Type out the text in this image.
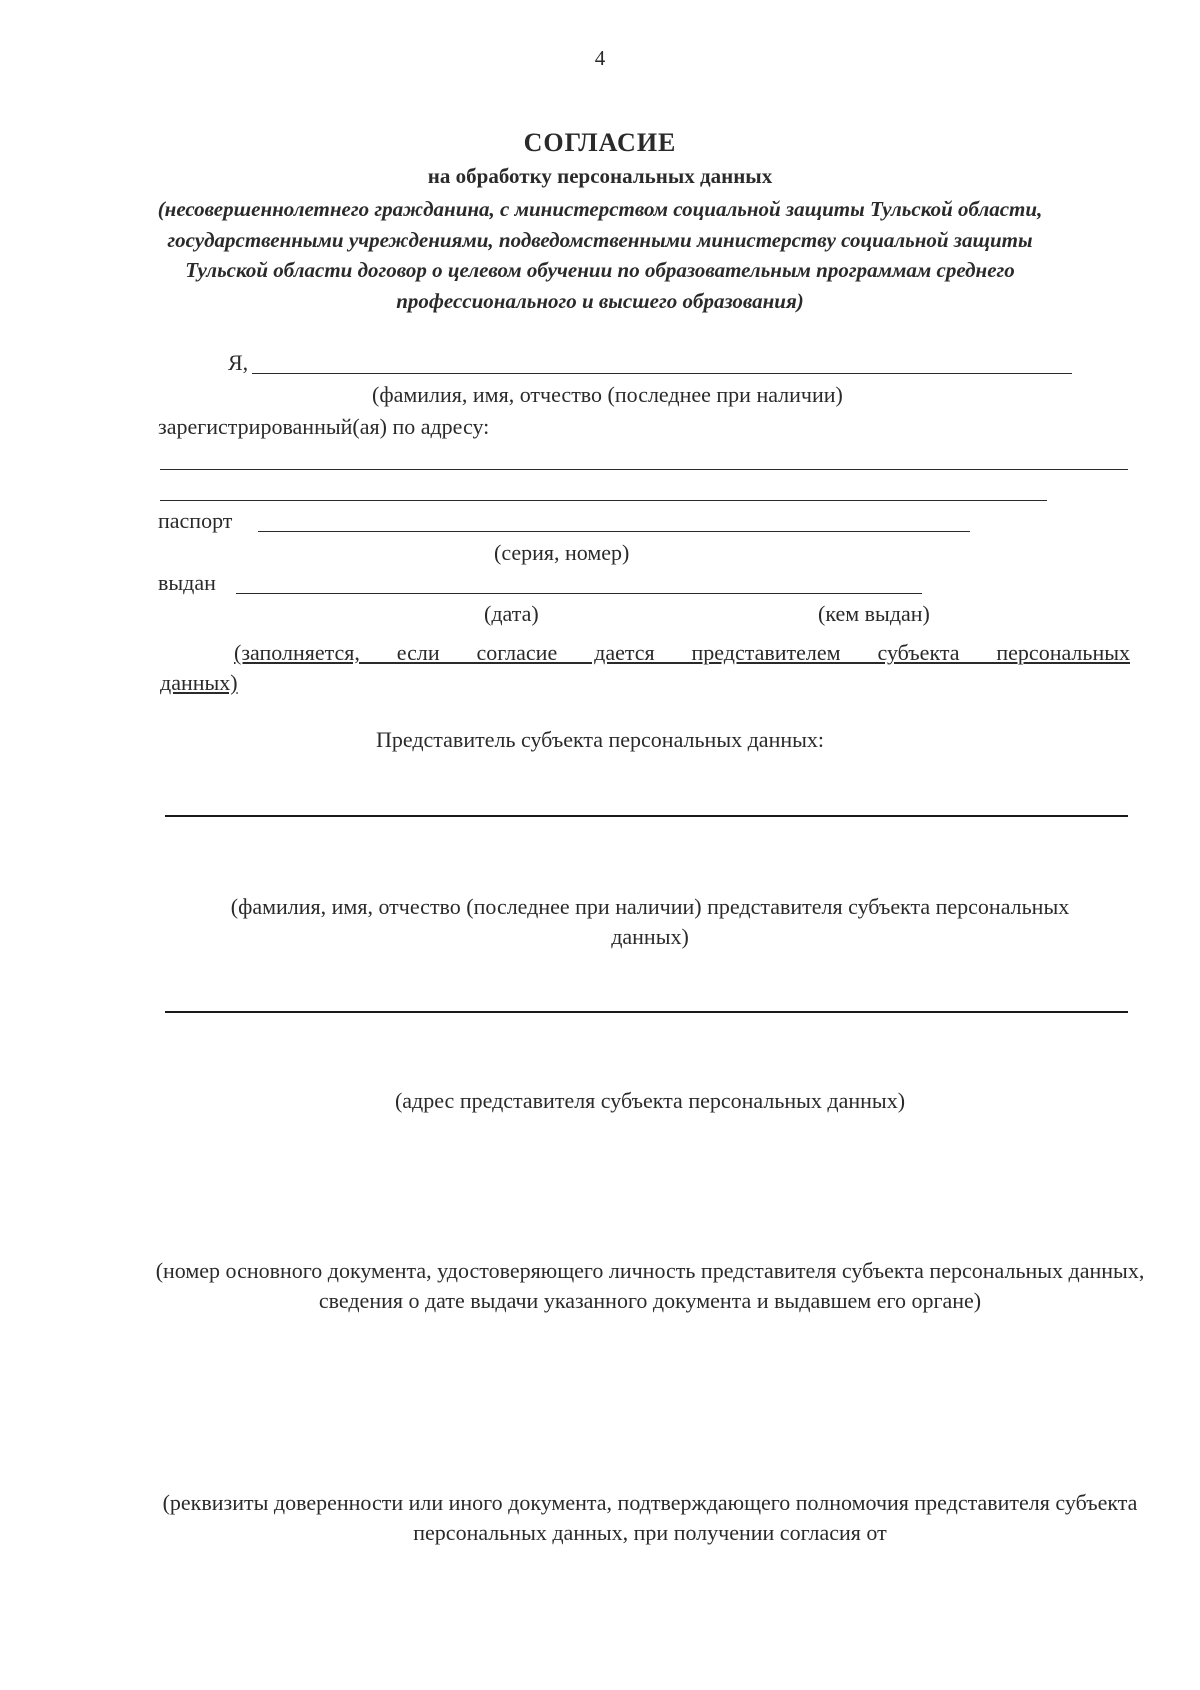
4
СОГЛАСИЕ
на обработку персональных данных
(несовершеннолетнего гражданина, с министерством социальной защиты Тульской области, государственными учреждениями, подведомственными министерству социальной защиты Тульской области договор о целевом обучении по образовательным программам среднего профессионального и высшего образования)
Я,
(фамилия, имя, отчество (последнее при наличии)
зарегистрированный(ая) по адресу:
паспорт
(серия, номер)
выдан
(дата)	(кем выдан)
(заполняется, если согласие дается представителем субъекта персональных
данных)
Представитель субъекта персональных данных:
(фамилия, имя, отчество (последнее при наличии) представителя субъекта персональных данных)
(адрес представителя субъекта персональных данных)
(номер основного документа, удостоверяющего личность представителя субъекта персональных данных, сведения о дате выдачи указанного документа и выдавшем его органе)
(реквизиты доверенности или иного документа, подтверждающего полномочия представителя субъекта персональных данных, при получении согласия от
